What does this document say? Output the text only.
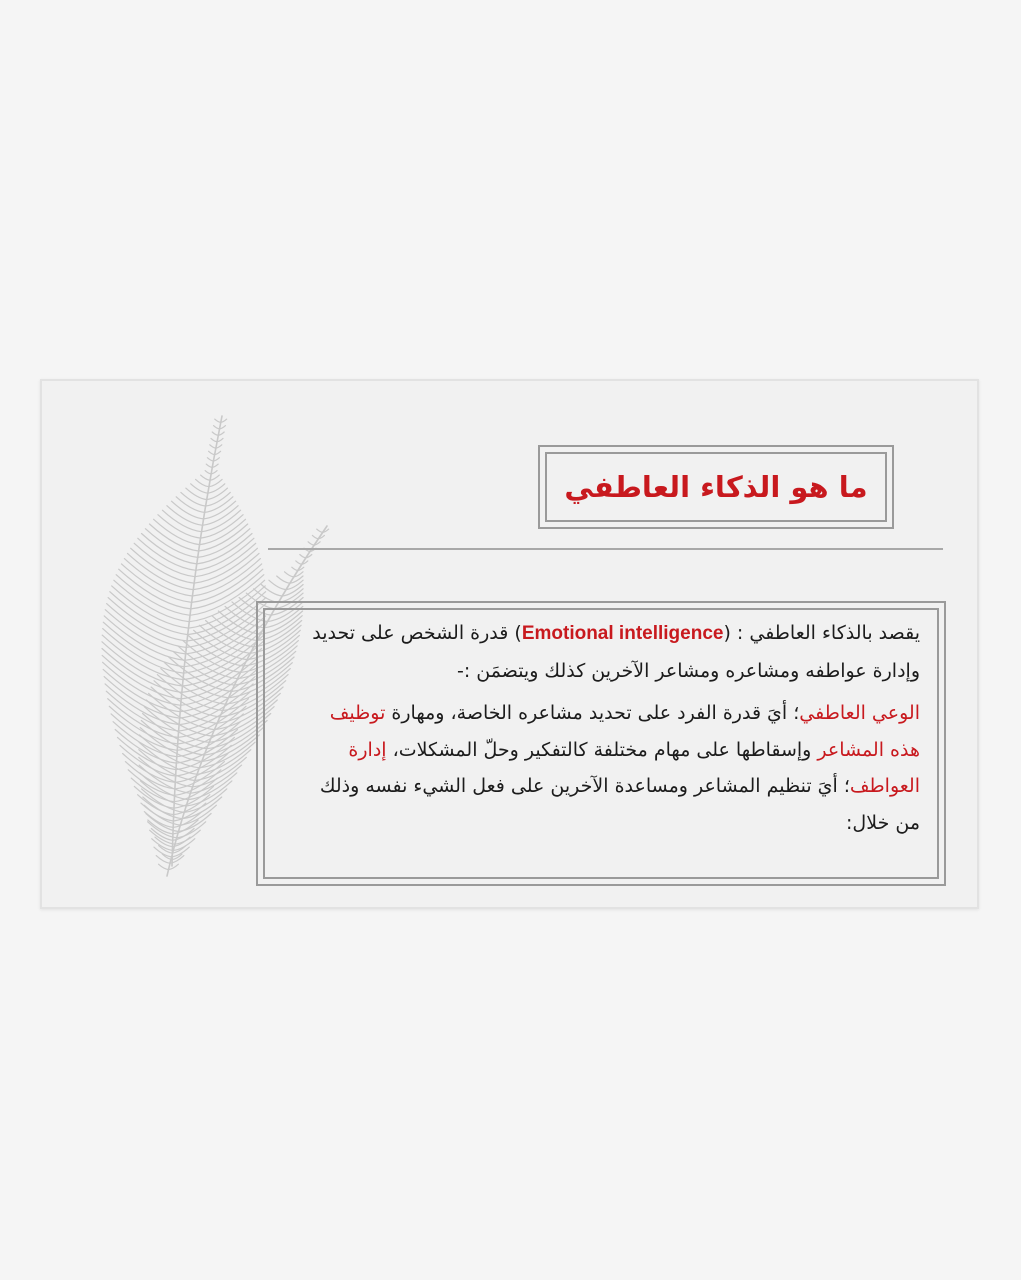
ما هو الذكاء العاطفي
يقصد بالذكاء العاطفي : (Emotional intelligence) قدرة الشخص على تحديد وإدارة عواطفه ومشاعره ومشاعر الآخرين كذلك ويتضمَن :-
الوعي العاطفي؛ أيَ قدرة الفرد على تحديد مشاعره الخاصة، ومهارة توظيف هذه المشاعر وإسقاطها على مهام مختلفة كالتفكير وحلّ المشكلات، إدارة العواطف؛ أيَ تنظيم المشاعر ومساعدة الآخرين على فعل الشيء نفسه وذلك من خلال:
